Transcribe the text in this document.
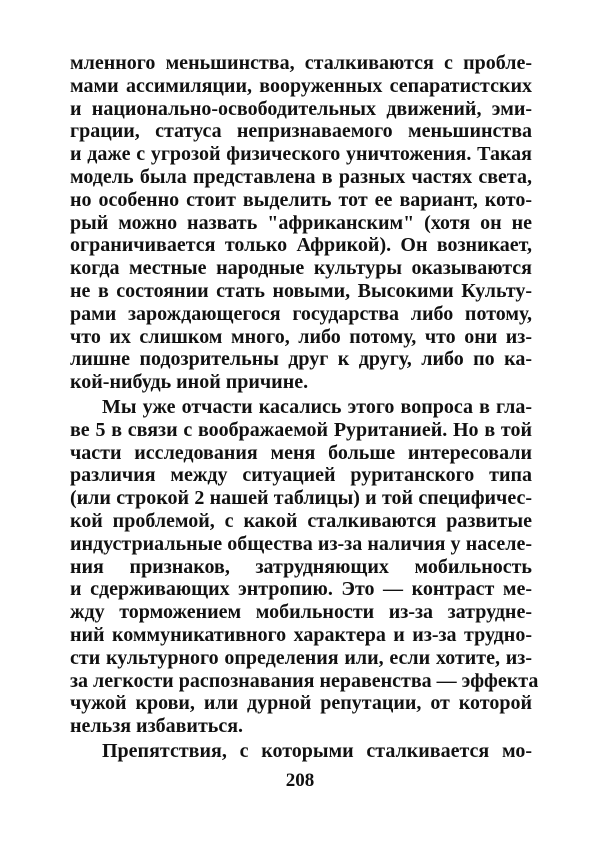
мленного меньшинства, сталкиваются с пробле-
мами ассимиляции, вооруженных сепаратистских
и национально-освободительных движений, эми-
грации, статуса непризнаваемого меньшинства
и даже с угрозой физического уничтожения. Такая
модель была представлена в разных частях света,
но особенно стоит выделить тот ее вариант, кото-
рый можно назвать "африканским" (хотя он не
ограничивается только Африкой). Он возникает,
когда местные народные культуры оказываются
не в состоянии стать новыми, Высокими Культу-
рами зарождающегося государства либо потому,
что их слишком много, либо потому, что они из-
лишне подозрительны друг к другу, либо по ка-
кой-нибудь иной причине.
Мы уже отчасти касались этого вопроса в гла-
ве 5 в связи с воображаемой Руританией. Но в той
части исследования меня больше интересовали
различия между ситуацией руританского типа
(или строкой 2 нашей таблицы) и той специфичес-
кой проблемой, с какой сталкиваются развитые
индустриальные общества из-за наличия у населе-
ния признаков, затрудняющих мобильность
и сдерживающих энтропию. Это — контраст ме-
жду торможением мобильности из-за затрудне-
ний коммуникативного характера и из-за трудно-
сти культурного определения или, если хотите, из-
за легкости распознавания неравенства — эффекта
чужой крови, или дурной репутации, от которой
нельзя избавиться.
Препятствия, с которыми сталкивается мо-
208
